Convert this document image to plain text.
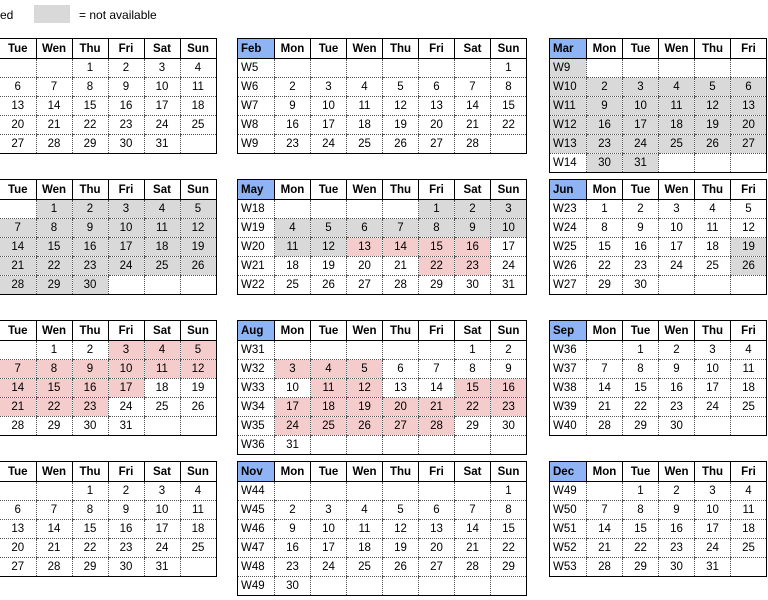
ed	= not available
Tue	Wen	Thu	Fri	Sat	Sun
		1	2	3	4
6	7	8	9	10	11
13	14	15	16	17	18
20	21	22	23	24	25
27	28	29	30	31	
Feb	Mon	Tue	Wen	Thu	Fri	Sat	Sun
W5							1
W6	2	3	4	5	6	7	8
W7	9	10	11	12	13	14	15
W8	16	17	18	19	20	21	22
W9	23	24	25	26	27	28	
Mar	Mon	Tue	Wen	Thu	Fri
W9					
W10	2	3	4	5	6
W11	9	10	11	12	13
W12	16	17	18	19	20
W13	23	24	25	26	27
W14	30	31			
Tue	Wen	Thu	Fri	Sat	Sun
	1	2	3	4	5
7	8	9	10	11	12
14	15	16	17	18	19
21	22	23	24	25	26
28	29	30			
May	Mon	Tue	Wen	Thu	Fri	Sat	Sun
W18					1	2	3
W19	4	5	6	7	8	9	10
W20	11	12	13	14	15	16	17
W21	18	19	20	21	22	23	24
W22	25	26	27	28	29	30	31
Jun	Mon	Tue	Wen	Thu	Fri
W23	1	2	3	4	5
W24	8	9	10	11	12
W25	15	16	17	18	19
W26	22	23	24	25	26
W27	29	30			
Tue	Wen	Thu	Fri	Sat	Sun
	1	2	3	4	5
7	8	9	10	11	12
14	15	16	17	18	19
21	22	23	24	25	26
28	29	30	31		
Aug	Mon	Tue	Wen	Thu	Fri	Sat	Sun
W31						1	2
W32	3	4	5	6	7	8	9
W33	10	11	12	13	14	15	16
W34	17	18	19	20	21	22	23
W35	24	25	26	27	28	29	30
W36	31						
Sep	Mon	Tue	Wen	Thu	Fri
W36		1	2	3	4
W37	7	8	9	10	11
W38	14	15	16	17	18
W39	21	22	23	24	25
W40	28	29	30		
Tue	Wen	Thu	Fri	Sat	Sun
		1	2	3	4
6	7	8	9	10	11
13	14	15	16	17	18
20	21	22	23	24	25
27	28	29	30	31	
Nov	Mon	Tue	Wen	Thu	Fri	Sat	Sun
W44							1
W45	2	3	4	5	6	7	8
W46	9	10	11	12	13	14	15
W47	16	17	18	19	20	21	22
W48	23	24	25	26	27	28	29
W49	30						
Dec	Mon	Tue	Wen	Thu	Fri
W49		1	2	3	4
W50	7	8	9	10	11
W51	14	15	16	17	18
W52	21	22	23	24	25
W53	28	29	30	31	
